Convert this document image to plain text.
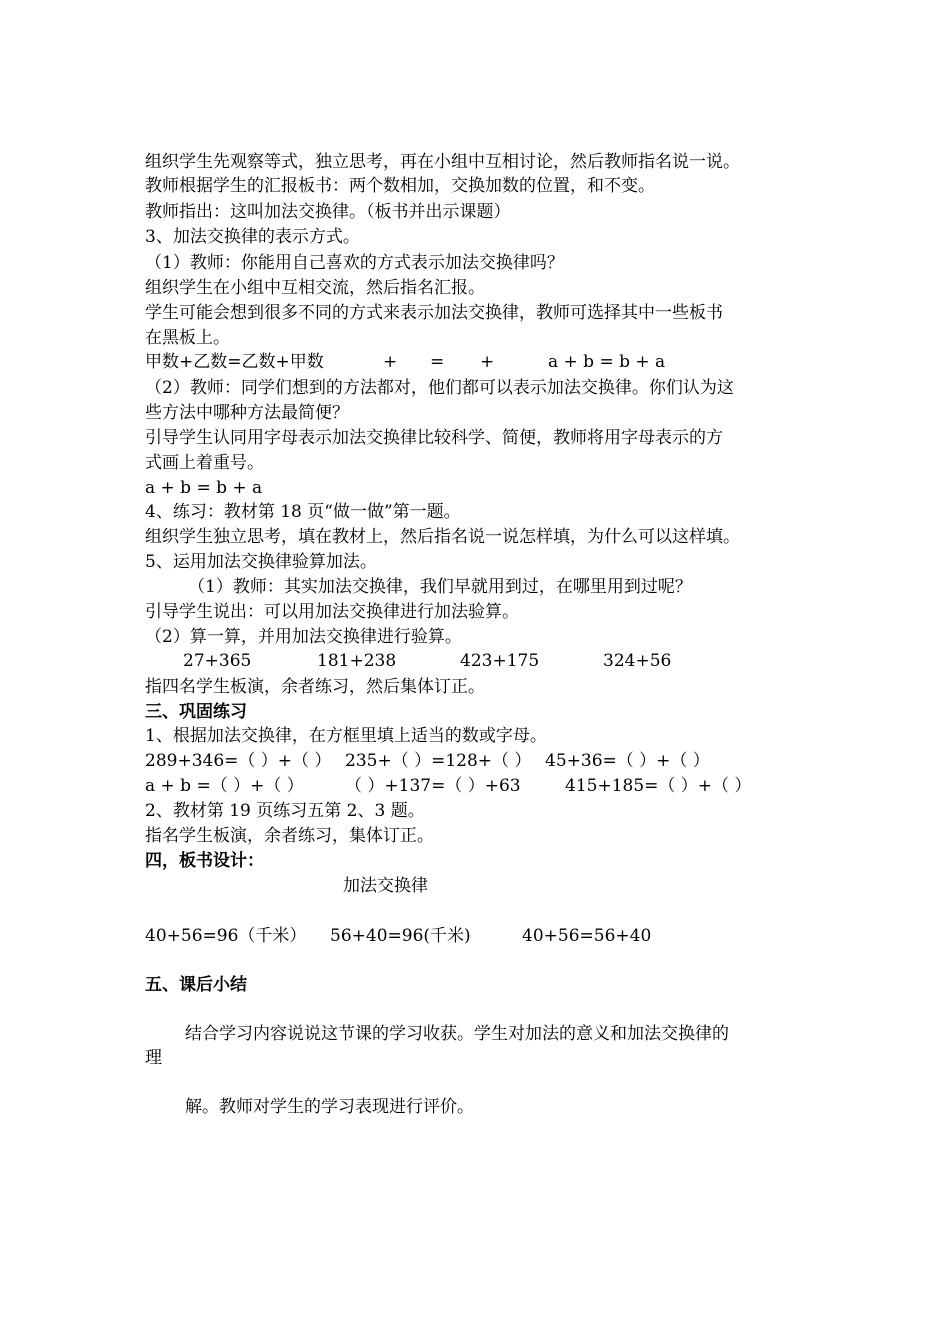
组织学生先观察等式，独立思考，再在小组中互相讨论，然后教师指名说一说。
教师根据学生的汇报板书：两个数相加，交换加数的位置，和不变。
教师指出：这叫加法交换律。（板书并出示课题）
3、加法交换律的表示方式。
（1）教师：你能用自己喜欢的方式表示加法交换律吗？
组织学生在小组中互相交流，然后指名汇报。
学生可能会想到很多不同的方式来表示加法交换律，教师可选择其中一些板书
在黑板上。
甲数+乙数=乙数+甲数	+ = +	a + b = b + a
（2）教师：同学们想到的方法都对，他们都可以表示加法交换律。你们认为这
些方法中哪种方法最简便？
引导学生认同用字母表示加法交换律比较科学、简便，教师将用字母表示的方
式画上着重号。
a + b = b + a
4、练习：教材第 18 页“做一做”第一题。
组织学生独立思考，填在教材上，然后指名说一说怎样填，为什么可以这样填。
5、运用加法交换律验算加法。
（1）教师：其实加法交换律，我们早就用到过，在哪里用到过呢？
引导学生说出：可以用加法交换律进行加法验算。
（2）算一算，并用加法交换律进行验算。
27+365	181+238	423+175	324+56
指四名学生板演，余者练习，然后集体订正。
三、巩固练习
1、根据加法交换律，在方框里填上适当的数或字母。
289+346=（ ）+（ ） 235+（ ）=128+（ ） 45+36=（ ）+（ ）
a + b =（ ）+（ ） （ ）+137=（ ）+63	415+185=（ ）+（ ）
2、教材第 19 页练习五第 2、3 题。
指名学生板演，余者练习，集体订正。
四，板书设计：
加法交换律
40+56=96（千米） 56+40=96(千米)	40+56=56+40
五、课后小结
结合学习内容说说这节课的学习收获。学生对加法的意义和加法交换律的
理
解。教师对学生的学习表现进行评价。
